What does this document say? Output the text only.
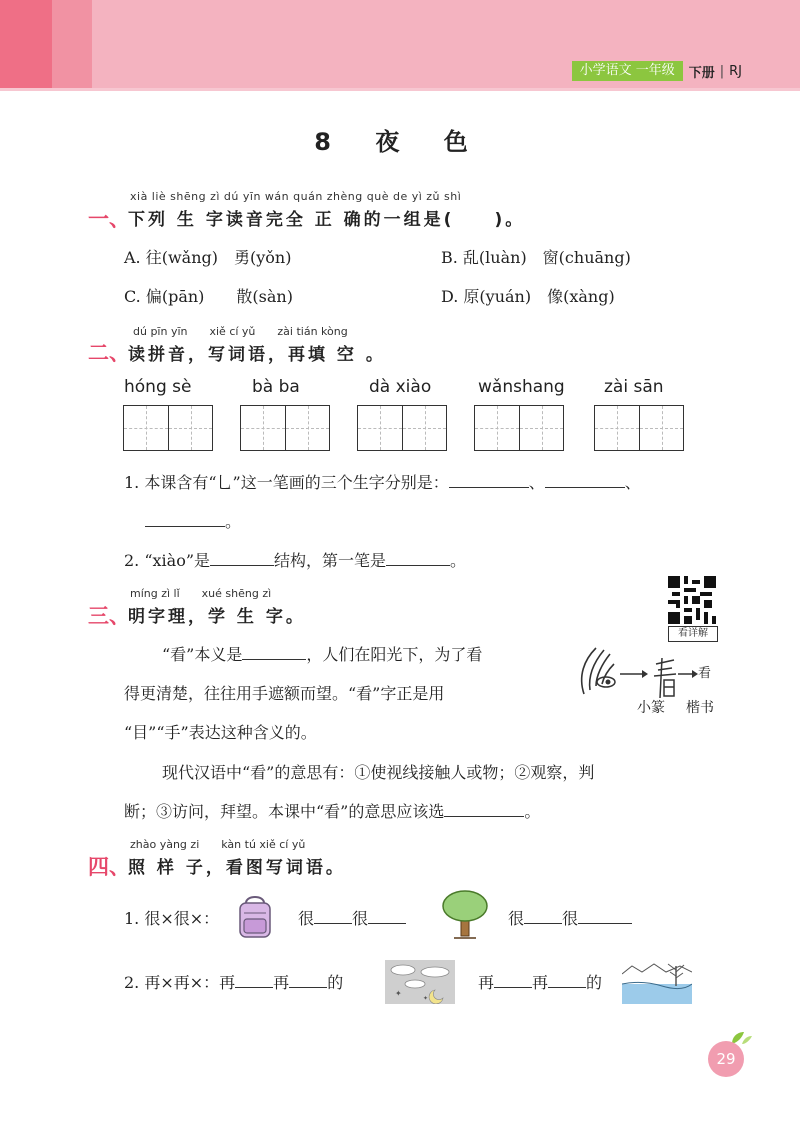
小学语文 一年级	下册 | RJ
8 夜 色
xià liè shēng zì dú yīn wán quán zhèng què de yì zǔ shì
一、
下列 生 字读音完全 正 确的一组是(　　)。
A. 往(wǎng)　勇(yǒn)	B. 乱(luàn)　窗(chuāng)
C. 偏(pān)　　散(sàn)	D. 原(yuán)　像(xàng)
dú pīn yīn　　xiě cí yǔ　　zài tián kòng
二、
读拼音，写词语，再填 空 。
hóng sè	bà ba	dà xiào	wǎnshang zài sān
1. 本课含有“乚”这一笔画的三个生字分别是：	、	、
。
2. “xiào”是	结构，第一笔是	。
míng zì lǐ　　xué shēng zì
三、
明字理，学 生 字。
看详解
“看”本义是	，人们在阳光下，为了看
得更清楚，往往用手遮额而望。“看”字正是用
“目”“手”表达这种含义的。
看
小篆 楷书
现代汉语中“看”的意思有：①使视线接触人或物；②观察，判
断；③访问，拜望。本课中“看”的意思应该选	。
zhào yàng zi　　kàn tú xiě cí yǔ
四、
照 样 子，看图写词语。
1. 很×很×：	很 很	很 很
2. 再×再×：再 再 的
✦
✦
再 再 的
29
